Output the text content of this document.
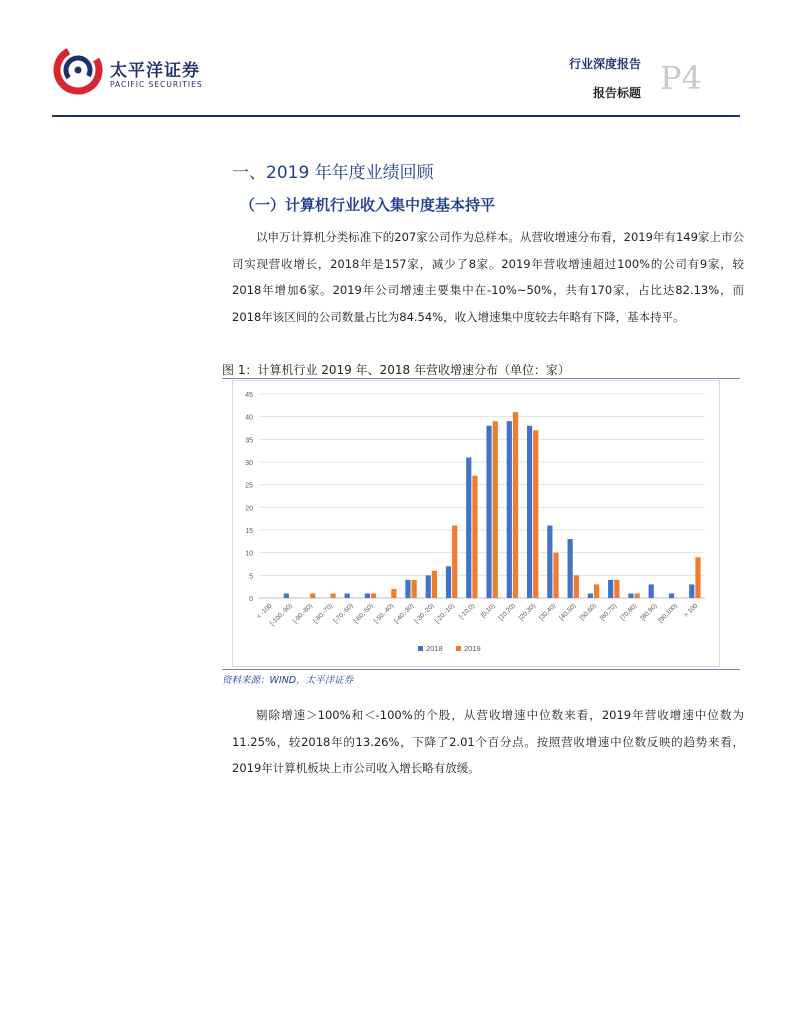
太平洋证券
PACIFIC SECURITIES
行业深度报告
报告标题 P4
一、2019 年年度业绩回顾
（一）计算机行业收入集中度基本持平

以申万计算机分类标准下的207家公司作为总样本。从营收增速分布看，2019年有149家上市公司实现营收增长，2018年是157家，减少了8家。2019年营收增速超过100%的公司有9家，较2018年增加6家。2019年公司增速主要集中在-10%~50%，共有170家，占比达82.13%，而2018年该区间的公司数量占比为84.54%，收入增速集中度较去年略有下降，基本持平。

图 1：计算机行业 2019 年、2018 年营收增速分布（单位：家）
0
5
10
15
20
25
30
35
40
45
< -100
[-100,-90)
[-90,-80)
[-80,-70)
[-70,-60)
[-60,-50)
[-50,-40)
[-40,-30)
[-30,-20)
[-20,-10) [-10,0) [0,10) [10,20) [20,30) [30,40) [40,50) [50,60) [60,70) [70,80) [80,90)
[90,100) > 100
2018	2019
资料来源：WIND，太平洋证券

剔除增速＞100%和＜-100%的个股，从营收增速中位数来看，2019年营收增速中位数为11.25%，较2018年的13.26%，下降了2.01个百分点。按照营收增速中位数反映的趋势来看，2019年计算机板块上市公司收入增长略有放缓。
